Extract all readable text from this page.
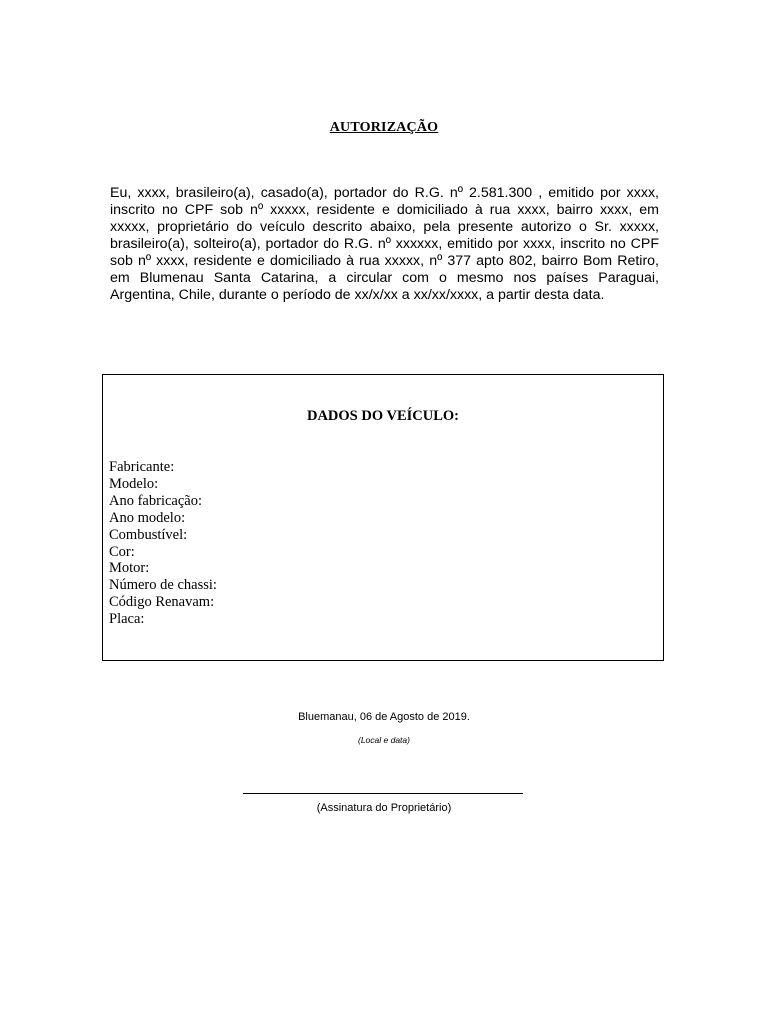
AUTORIZAÇÃO
Eu, xxxx, brasileiro(a), casado(a), portador do R.G. nº 2.581.300 , emitido por xxxx, inscrito no CPF sob nº xxxxx, residente e domiciliado à rua xxxx, bairro xxxx, em xxxxx, proprietário do veículo descrito abaixo, pela presente autorizo o Sr. xxxxx, brasileiro(a), solteiro(a), portador do R.G. nº xxxxxx, emitido por xxxx, inscrito no CPF sob nº xxxx, residente e domiciliado à rua xxxxx, nº 377 apto 802, bairro Bom Retiro, em Blumenau Santa Catarina, a circular com o mesmo nos países Paraguai, Argentina, Chile, durante o período de xx/x/xx a xx/xx/xxxx, a partir desta data.
DADOS DO VEÍCULO:
Fabricante:
Modelo:
Ano fabricação:
Ano modelo:
Combustível:
Cor:
Motor:
Número de chassi:
Código Renavam:
Placa:
Bluemanau, 06 de Agosto de 2019.
(Local e data)
(Assinatura do Proprietário)
